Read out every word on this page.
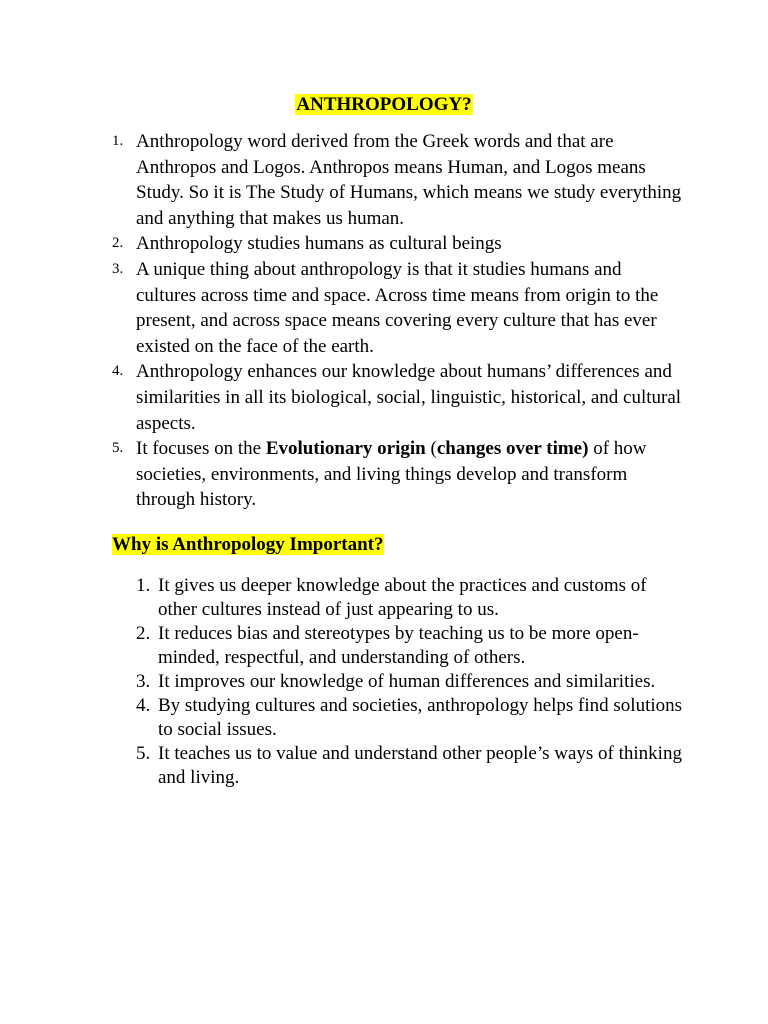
ANTHROPOLOGY?
1. Anthropology word derived from the Greek words and that are Anthropos and Logos. Anthropos means Human, and Logos means Study. So it is The Study of Humans, which means we study everything and anything that makes us human.
2. Anthropology studies humans as cultural beings
3. A unique thing about anthropology is that it studies humans and cultures across time and space. Across time means from origin to the present, and across space means covering every culture that has ever existed on the face of the earth.
4. Anthropology enhances our knowledge about humans’ differences and similarities in all its biological, social, linguistic, historical, and cultural aspects.
5. It focuses on the Evolutionary origin (changes over time) of how societies, environments, and living things develop and transform through history.
Why is Anthropology Important?
1. It gives us deeper knowledge about the practices and customs of other cultures instead of just appearing to us.
2. It reduces bias and stereotypes by teaching us to be more open-minded, respectful, and understanding of others.
3. It improves our knowledge of human differences and similarities.
4. By studying cultures and societies, anthropology helps find solutions to social issues.
5. It teaches us to value and understand other people’s ways of thinking and living.
